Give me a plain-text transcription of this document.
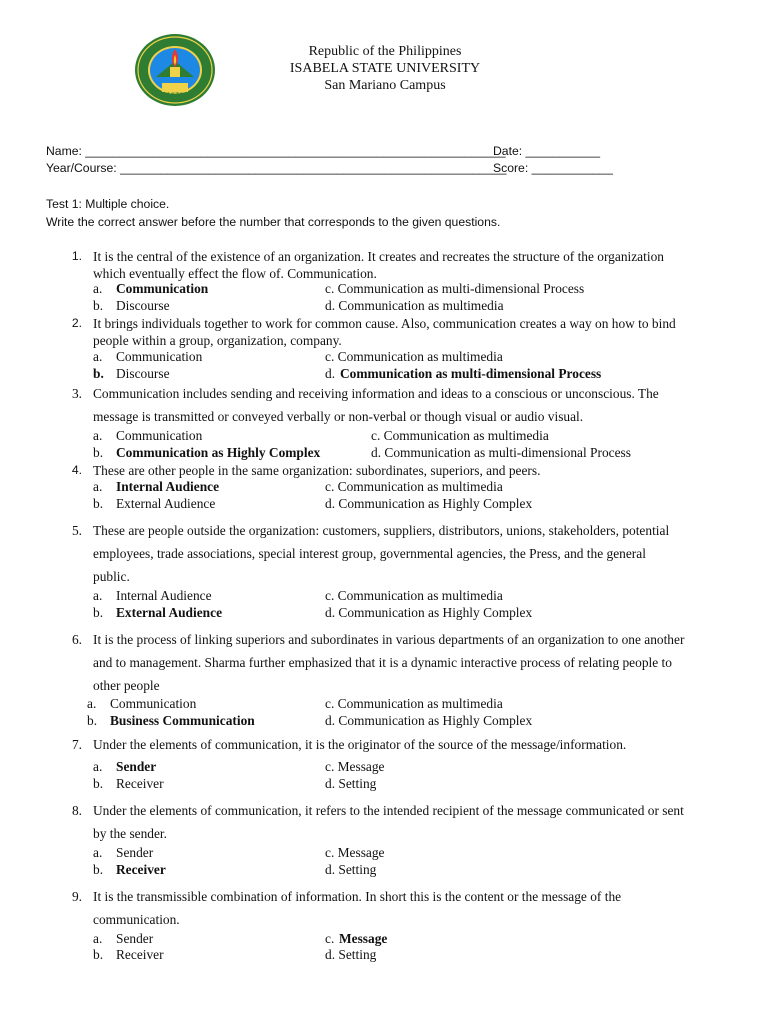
1978
Republic of the Philippines
ISABELA STATE UNIVERSITY
San Mariano Campus
Name: ______________________________________________________________
Date: ___________
Year/Course: _________________________________________________________
Score: ____________
Test 1: Multiple choice.
Write the correct answer before the number that corresponds to the given questions.
1. It is the central of the existence of an organization. It creates and recreates the structure of the organization
which eventually effect the flow of. Communication.
a. Communication	c. Communication as multi-dimensional Process
b. Discourse	d. Communication as multimedia
2. It brings individuals together to work for common cause. Also, communication creates a way on how to bind
people within a group, organization, company.
a. Communication	c. Communication as multimedia
b. Discourse	d. Communication as multi-dimensional Process
3. Communication includes sending and receiving information and ideas to a conscious or unconscious. The
message is transmitted or conveyed verbally or non-verbal or though visual or audio visual.
a. Communication	c. Communication as multimedia
b. Communication as Highly Complex	d. Communication as multi-dimensional Process
4. These are other people in the same organization: subordinates, superiors, and peers.
a. Internal Audience	c. Communication as multimedia
b. External Audience	d. Communication as Highly Complex
5. These are people outside the organization: customers, suppliers, distributors, unions, stakeholders, potential
employees, trade associations, special interest group, governmental agencies, the Press, and the general
public.
a. Internal Audience	c. Communication as multimedia
b. External Audience	d. Communication as Highly Complex
6. It is the process of linking superiors and subordinates in various departments of an organization to one another
and to management. Sharma further emphasized that it is a dynamic interactive process of relating people to
other people
a. Communication	c. Communication as multimedia
b. Business Communication	d. Communication as Highly Complex
7. Under the elements of communication, it is the originator of the source of the message/information.
a. Sender	c. Message
b. Receiver	d. Setting
8. Under the elements of communication, it refers to the intended recipient of the message communicated or sent
by the sender.
a. Sender	c. Message
b. Receiver	d. Setting
9. It is the transmissible combination of information. In short this is the content or the message of the
communication.
a. Sender	c. Message
b. Receiver	d. Setting
